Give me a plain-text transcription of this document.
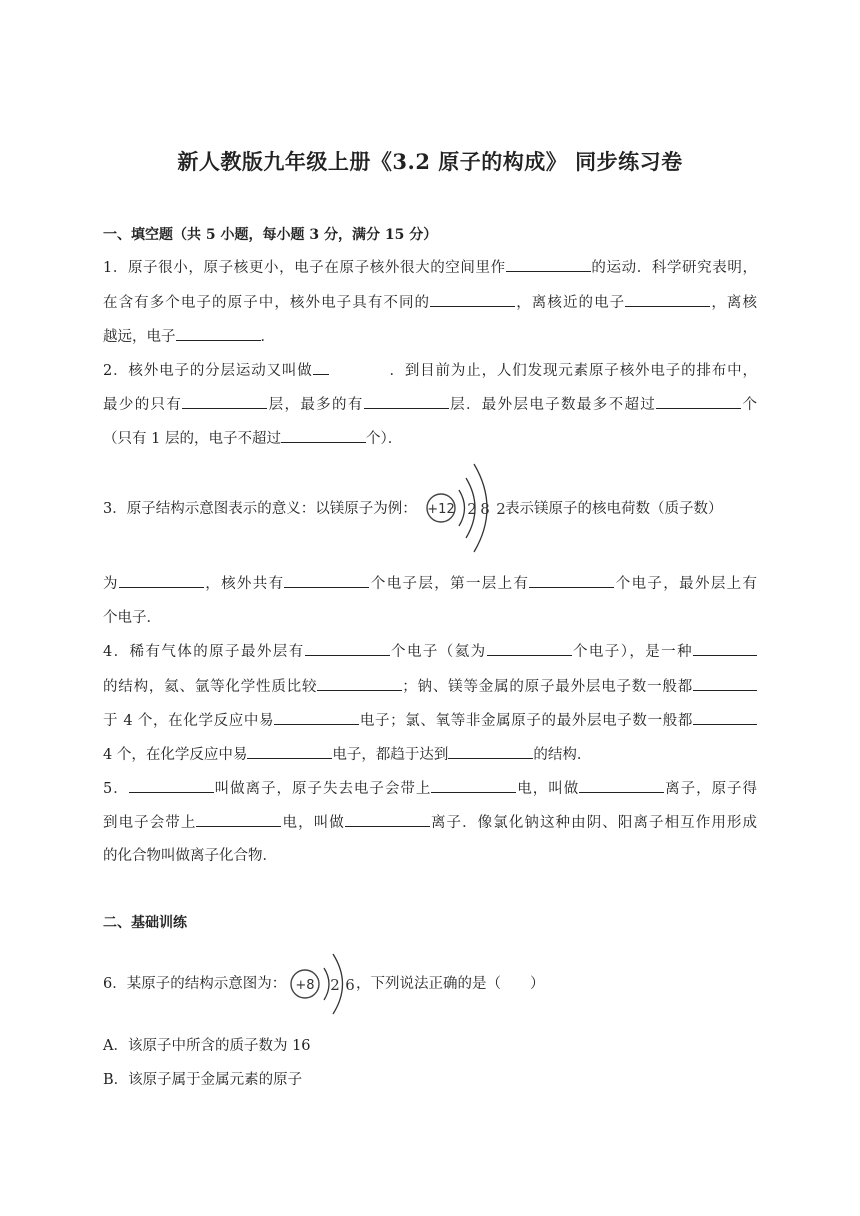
新人教版九年级上册《3.2 原子的构成》 同步练习卷
一、填空题（共 5 小题，每小题 3 分，满分 15 分）
1．原子很小，原子核更小，电子在原子核外很大的空间里作	的运动．科学研究表明，
在含有多个电子的原子中，核外电子具有不同的	，离核近的电子	，离核
越远，电子	．
2．核外电子的分层运动又叫做	．到目前为止，人们发现元素原子核外电子的排布中，
最少的只有	层，最多的有	层．最外层电子数最多不超过	个
（只有 1 层的，电子不超过	个）．
3．原子结构示意图表示的意义：以镁原子为例： +12 2 8 2 表示镁原子的核电荷数（质子数）
为	，核外共有	个电子层，第一层上有	个电子，最外层上有
个电子．
4．稀有气体的原子最外层有	个电子（氦为	个电子），是一种
的结构，氦、氩等化学性质比较	；钠、镁等金属的原子最外层电子数一般都
于 4 个，在化学反应中易	电子；氯、氧等非金属原子的最外层电子数一般都
4 个，在化学反应中易	电子，都趋于达到	的结构．
5．	叫做离子，原子失去电子会带上	电，叫做	离子，原子得
到电子会带上	电，叫做	离子．像氯化钠这种由阴、阳离子相互作用形成
的化合物叫做离子化合物．
二、基础训练
6．某原子的结构示意图为： +8 2 6 ，下列说法正确的是（　　）
A．该原子中所含的质子数为 16
B．该原子属于金属元素的原子
